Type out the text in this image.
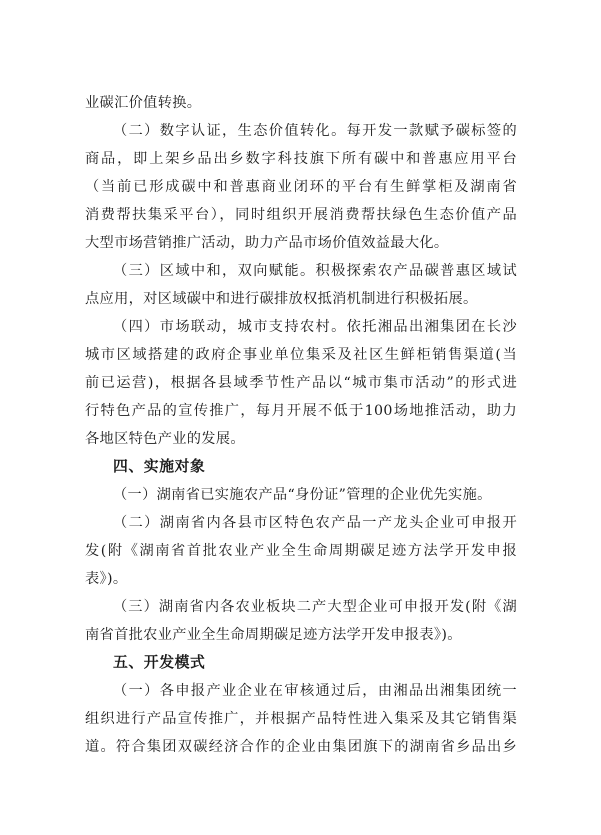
业碳汇价值转换。
（二）数字认证，生态价值转化。每开发一款赋予碳标签的
商品，即上架乡品出乡数字科技旗下所有碳中和普惠应用平台
（当前已形成碳中和普惠商业闭环的平台有生鲜掌柜及湖南省
消费帮扶集采平台），同时组织开展消费帮扶绿色生态价值产品
大型市场营销推广活动，助力产品市场价值效益最大化。
（三）区域中和，双向赋能。积极探索农产品碳普惠区域试
点应用，对区域碳中和进行碳排放权抵消机制进行积极拓展。
（四）市场联动，城市支持农村。依托湘品出湘集团在长沙
城市区域搭建的政府企事业单位集采及社区生鲜柜销售渠道(当
前已运营)，根据各县域季节性产品以“城市集市活动”的形式进
行特色产品的宣传推广，每月开展不低于100场地推活动，助力
各地区特色产业的发展。
四、实施对象
（一）湖南省已实施农产品“身份证”管理的企业优先实施。
（二）湖南省内各县市区特色农产品一产龙头企业可申报开
发(附《湖南省首批农业产业全生命周期碳足迹方法学开发申报
表》)。
（三）湖南省内各农业板块二产大型企业可申报开发(附《湖
南省首批农业产业全生命周期碳足迹方法学开发申报表》)。
五、开发模式
（一）各申报产业企业在审核通过后，由湘品出湘集团统一
组织进行产品宣传推广，并根据产品特性进入集采及其它销售渠
道。符合集团双碳经济合作的企业由集团旗下的湖南省乡品出乡
